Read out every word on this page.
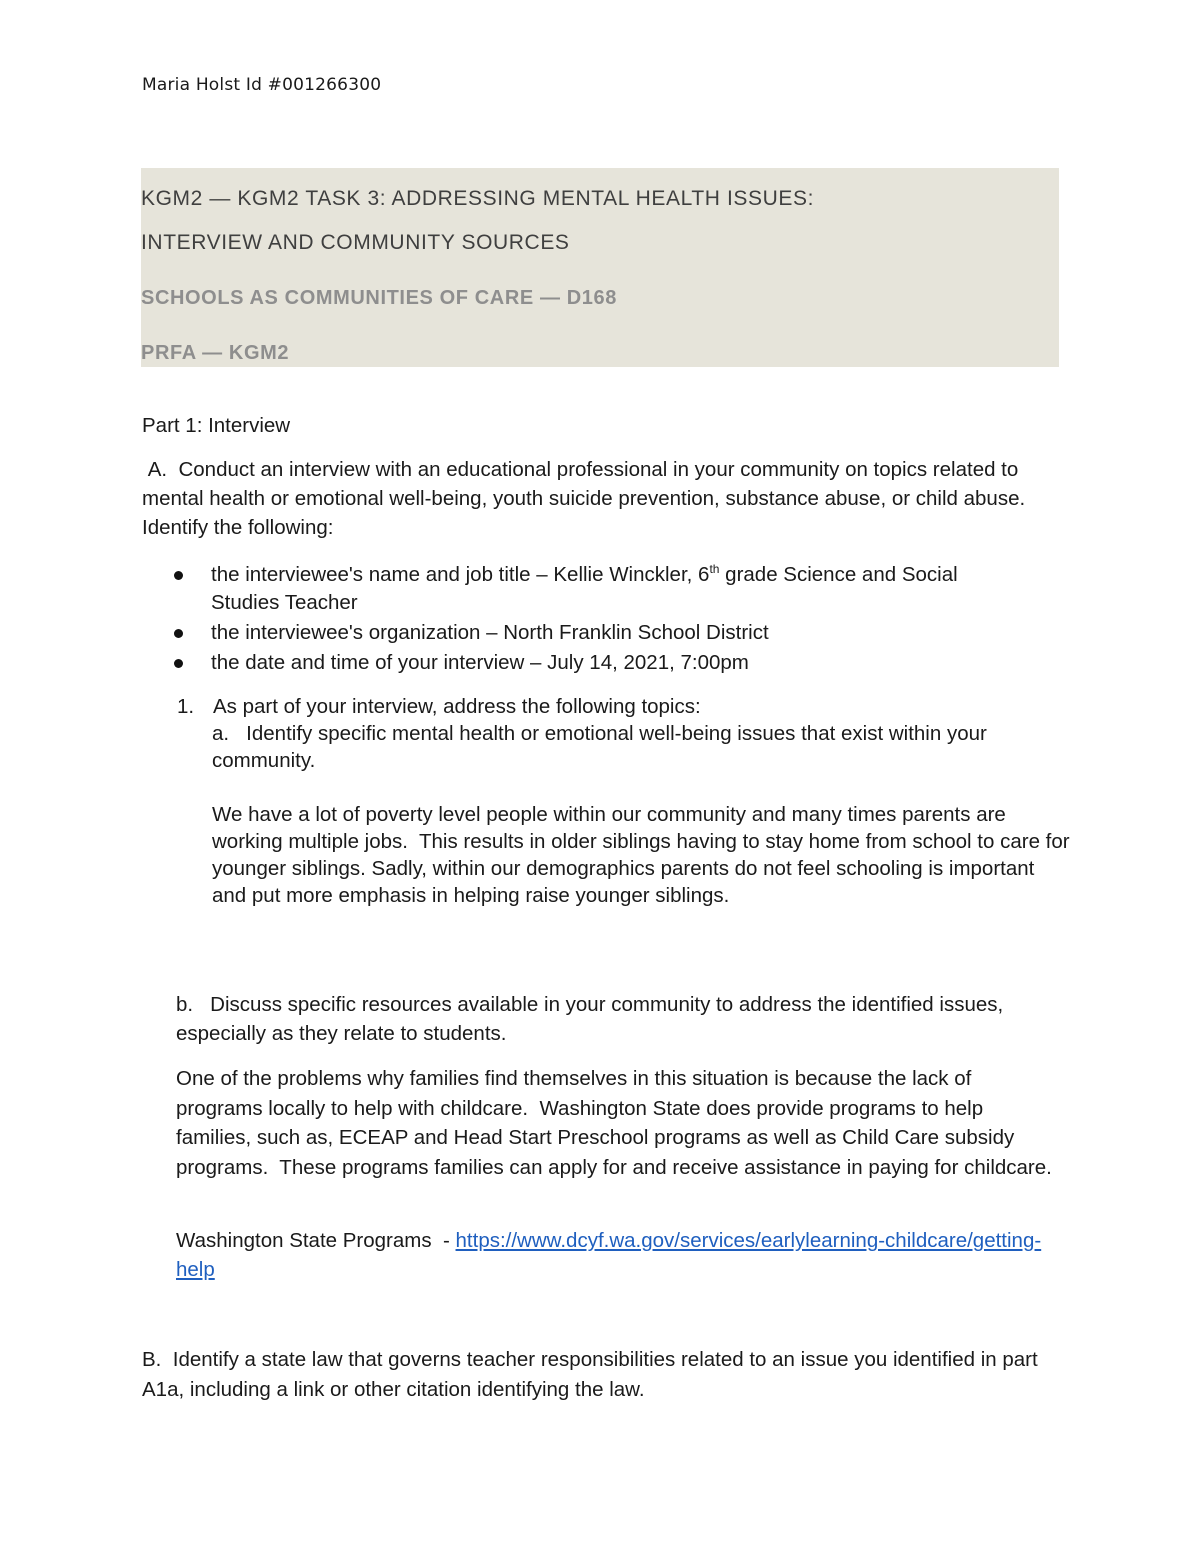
Maria Holst Id #001266300
KGM2 — KGM2 TASK 3: ADDRESSING MENTAL HEALTH ISSUES:
INTERVIEW AND COMMUNITY SOURCES
SCHOOLS AS COMMUNITIES OF CARE — D168
PRFA — KGM2
Part 1: Interview
A.  Conduct an interview with an educational professional in your community on topics related to mental health or emotional well-being, youth suicide prevention, substance abuse, or child abuse. Identify the following:
the interviewee's name and job title – Kellie Winckler, 6th grade Science and Social Studies Teacher
the interviewee's organization – North Franklin School District
the date and time of your interview – July 14, 2021, 7:00pm
1. As part of your interview, address the following topics:
a.   Identify specific mental health or emotional well-being issues that exist within your community.
We have a lot of poverty level people within our community and many times parents are working multiple jobs.  This results in older siblings having to stay home from school to care for younger siblings. Sadly, within our demographics parents do not feel schooling is important and put more emphasis in helping raise younger siblings.
b.   Discuss specific resources available in your community to address the identified issues, especially as they relate to students.
One of the problems why families find themselves in this situation is because the lack of programs locally to help with childcare.  Washington State does provide programs to help families, such as, ECEAP and Head Start Preschool programs as well as Child Care subsidy programs.  These programs families can apply for and receive assistance in paying for childcare.
Washington State Programs  - https://www.dcyf.wa.gov/services/earlylearning-childcare/getting-help
B.  Identify a state law that governs teacher responsibilities related to an issue you identified in part A1a, including a link or other citation identifying the law.
